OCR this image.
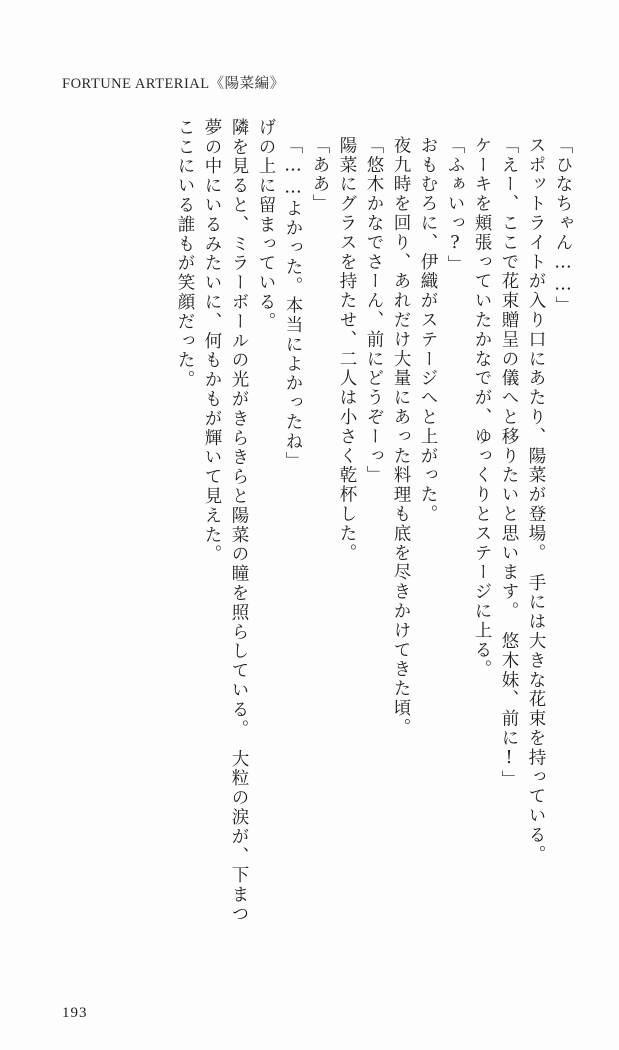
FORTUNE ARTERIAL《陽菜編》
ここにいる誰もが笑顔だった。 夢の中にいるみたいに、何もかもが輝いて見えた。 隣を見ると、ミラーボールの光がきらきらと陽菜の瞳を照らしている。　大粒の涙が、下まつ げの上に留まっている。 「……よかった。本当によかったね」 「ああ」 陽菜にグラスを持たせ、二人は小さく乾杯した。 「悠木かなでさーん、前にどうぞーっ」 夜九時を回り、あれだけ大量にあった料理も底を尽きかけてきた頃。 おもむろに、伊織がステージへと上がった。 「ふぁいっ?」 ケーキを頬張っていたかなでが、ゆっくりとステージに上る。 「えー、ここで花束贈呈の儀へと移りたいと思います。　悠木妹、前に!」 スポットライトが入り口にあたり、陽菜が登場。　手には大きな花束を持っている。 「ひなちゃん……」
193
